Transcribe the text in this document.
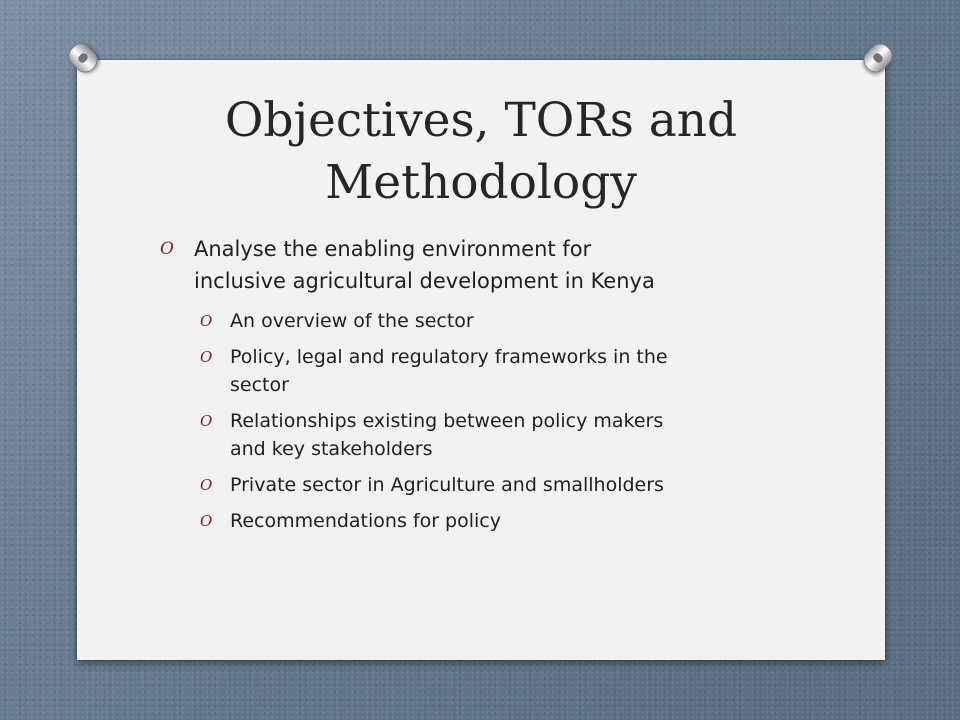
Objectives, TORs and
Methodology
O Analyse the enabling environment for
inclusive agricultural development in Kenya
O An overview of the sector
O Policy, legal and regulatory frameworks in the
sector
O Relationships existing between policy makers
and key stakeholders
O Private sector in Agriculture and smallholders
O Recommendations for policy
